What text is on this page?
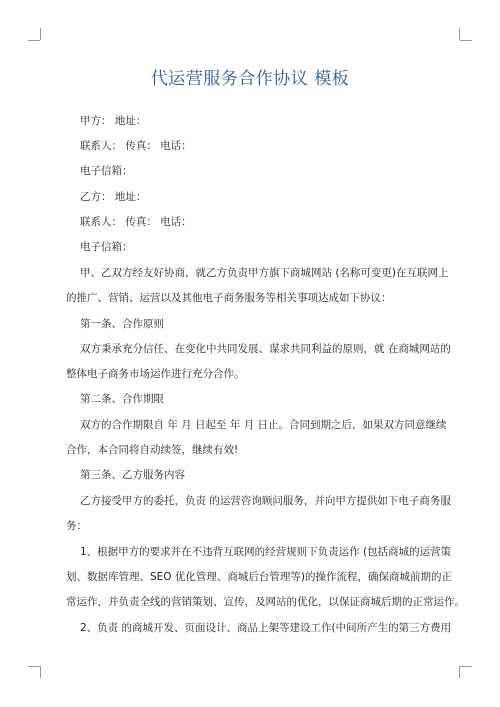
代运营服务合作协议 模板
甲方： 地址：
联系人： 传真： 电话：
电子信箱：
乙方： 地址：
联系人： 传真： 电话：
电子信箱：
甲、乙双方经友好协商，就乙方负责甲方旗下商城网站 (名称可变更)在互联网上
的推广、营销、运营以及其他电子商务服务等相关事项达成如下协议：
第一条、合作原则
双方秉承充分信任、在变化中共同发展、谋求共同利益的原则，就 在商城网站的
整体电子商务市场运作进行充分合作。
第二条、合作期限
双方的合作期限自 年 月 日起至 年 月 日止。合同到期之后，如果双方同意继续
合作，本合同将自动续签，继续有效!
第三条、乙方服务内容
乙方接受甲方的委托，负责 的运营咨询顾问服务，并向甲方提供如下电子商务服
务：
1、根据甲方的要求并在不违背互联网的经营规则下负责运作 (包括商城的运营策
划、数据库管理、SEO 优化管理、商城后台管理等)的操作流程，确保商城前期的正
常运作，并负责全线的营销策划、宣传，及网站的优化，以保证商城后期的正常运作。
2、负责 的商城开发、页面设计、商品上架等建设工作(中间所产生的第三方费用
